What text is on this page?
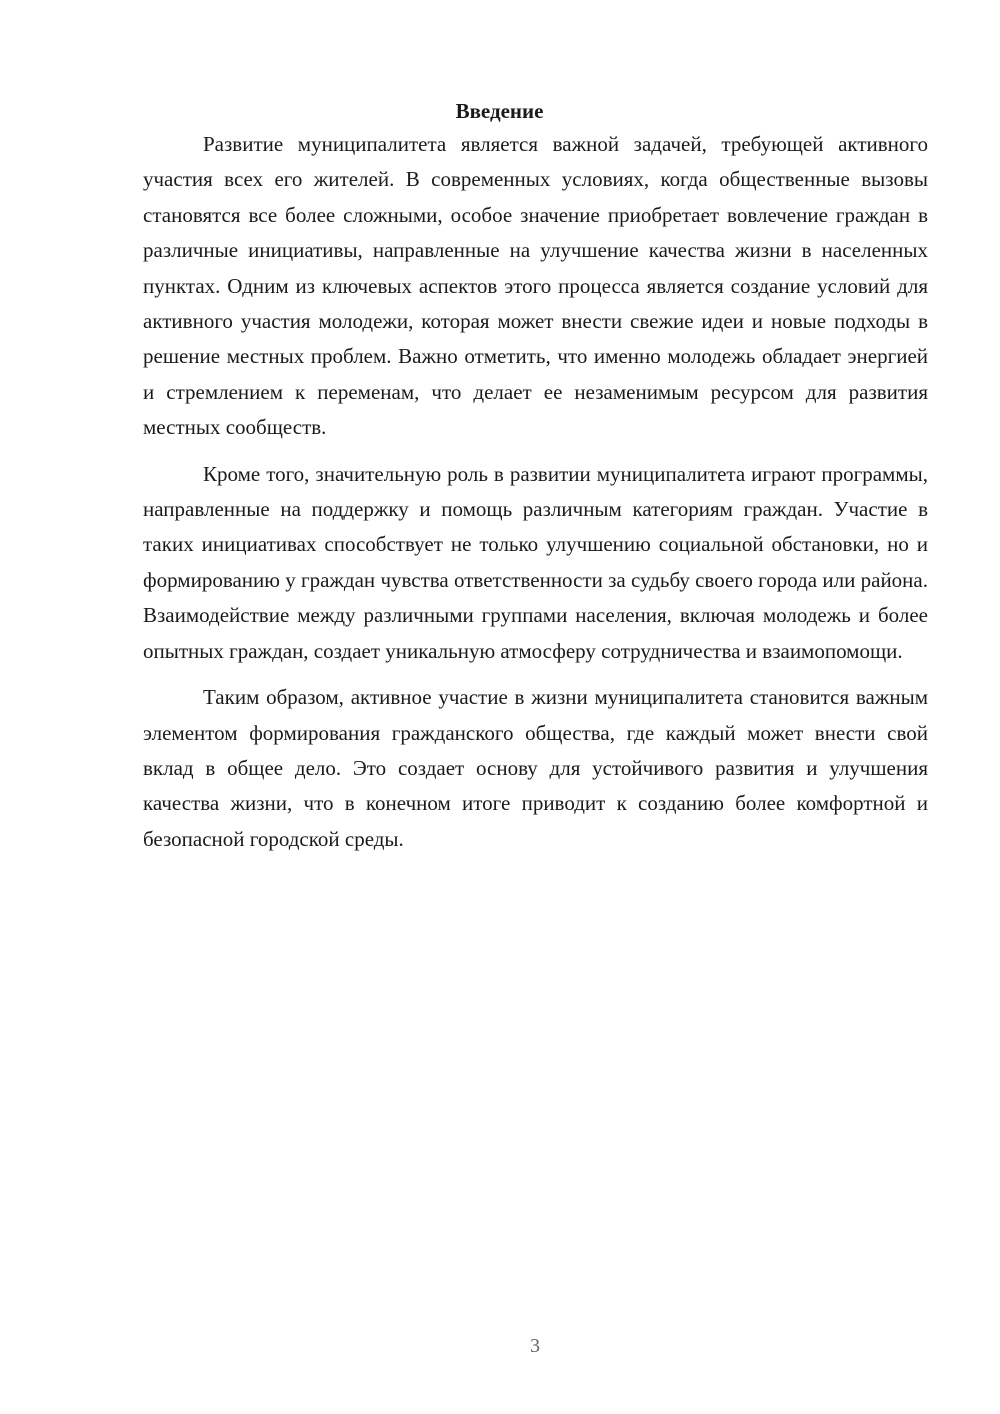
Введение

Развитие муниципалитета является важной задачей, требующей активного участия всех его жителей. В современных условиях, когда общественные вызовы становятся все более сложными, особое значение приобретает вовлечение граждан в различные инициативы, направленные на улучшение качества жизни в населенных пунктах. Одним из ключевых аспектов этого процесса является создание условий для активного участия молодежи, которая может внести свежие идеи и новые подходы в решение местных проблем. Важно отметить, что именно молодежь обладает энергией и стремлением к переменам, что делает ее незаменимым ресурсом для развития местных сообществ.

Кроме того, значительную роль в развитии муниципалитета играют программы, направленные на поддержку и помощь различным категориям граждан. Участие в таких инициативах способствует не только улучшению социальной обстановки, но и формированию у граждан чувства ответственности за судьбу своего города или района. Взаимодействие между различными группами населения, включая молодежь и более опытных граждан, создает уникальную атмосферу сотрудничества и взаимопомощи.

Таким образом, активное участие в жизни муниципалитета становится важным элементом формирования гражданского общества, где каждый может внести свой вклад в общее дело. Это создает основу для устойчивого развития и улучшения качества жизни, что в конечном итоге приводит к созданию более комфортной и безопасной городской среды.

3
